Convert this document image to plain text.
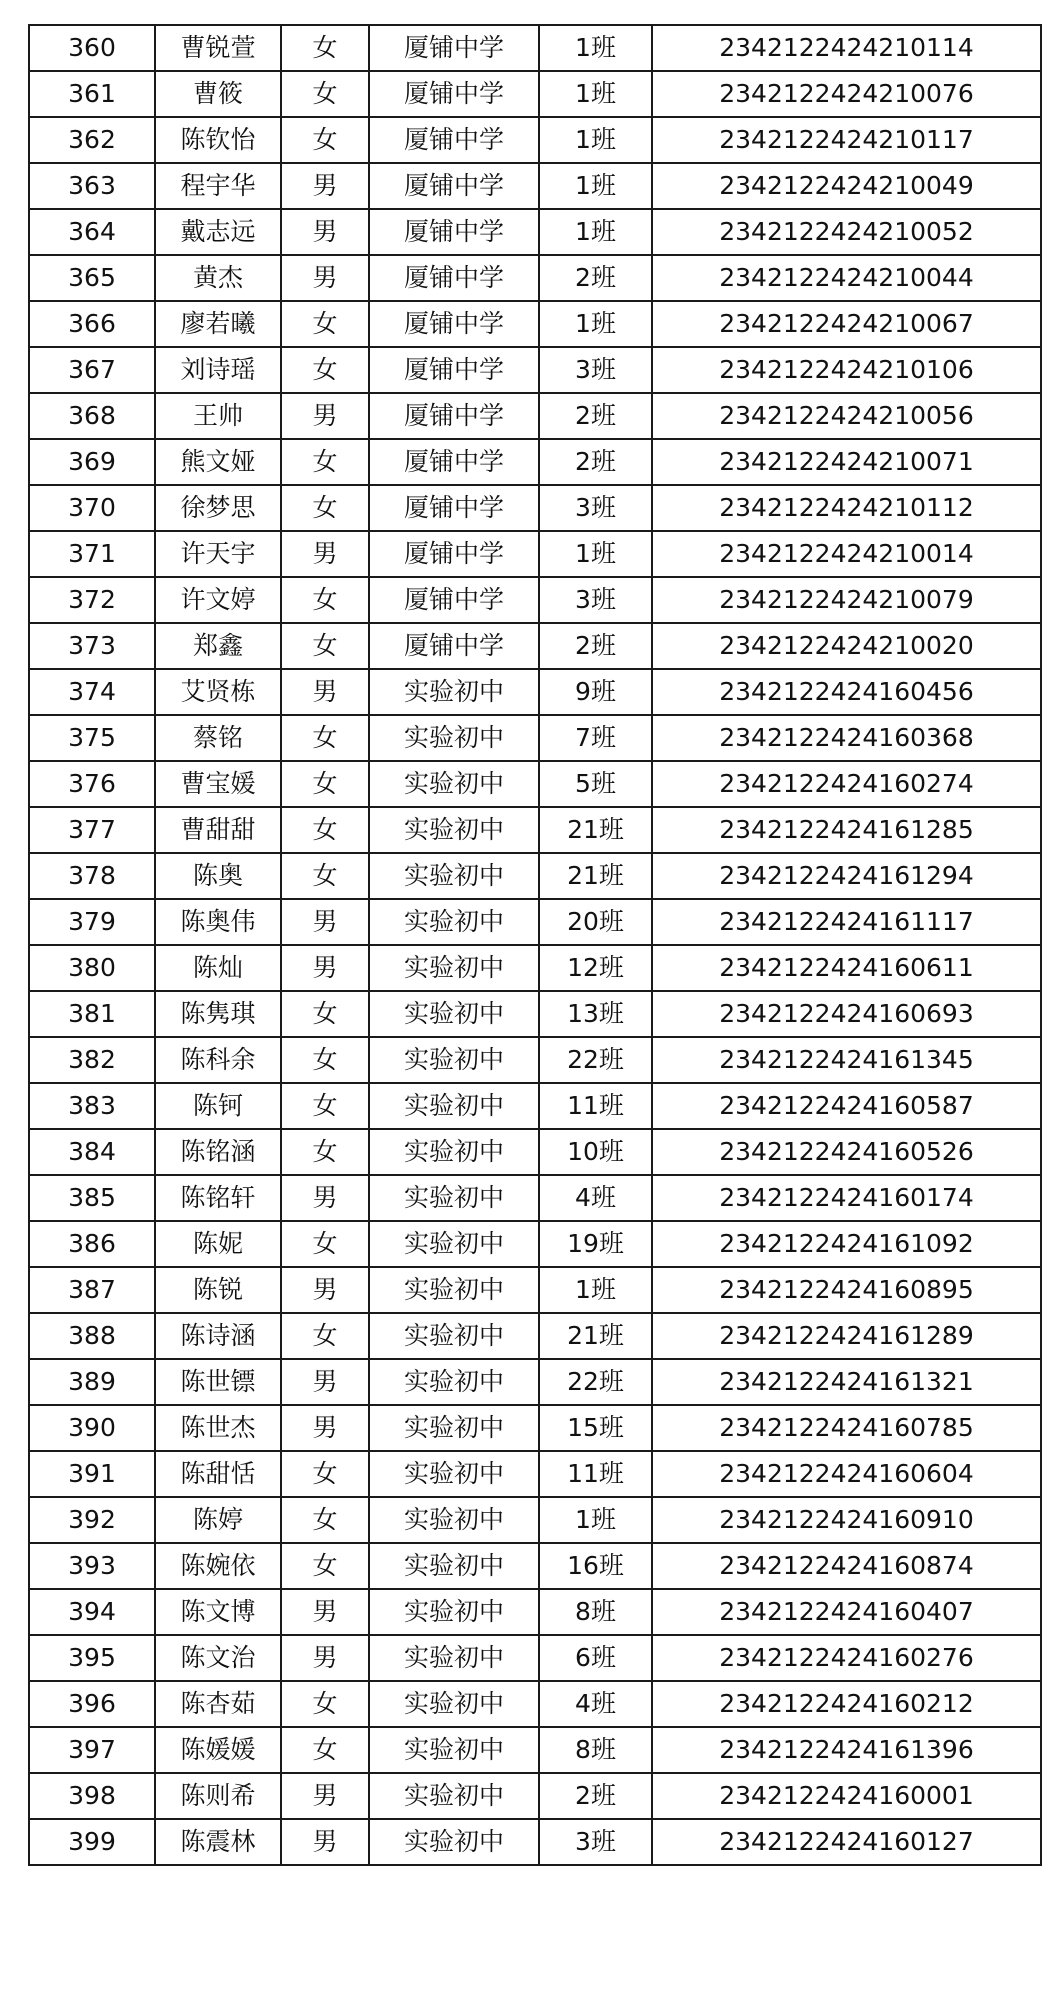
360	曹锐萱	女	厦铺中学	1班	2342122424210114
361	曹筱	女	厦铺中学	1班	2342122424210076
362	陈钦怡	女	厦铺中学	1班	2342122424210117
363	程宇华	男	厦铺中学	1班	2342122424210049
364	戴志远	男	厦铺中学	1班	2342122424210052
365	黄杰	男	厦铺中学	2班	2342122424210044
366	廖若曦	女	厦铺中学	1班	2342122424210067
367	刘诗瑶	女	厦铺中学	3班	2342122424210106
368	王帅	男	厦铺中学	2班	2342122424210056
369	熊文娅	女	厦铺中学	2班	2342122424210071
370	徐梦思	女	厦铺中学	3班	2342122424210112
371	许天宇	男	厦铺中学	1班	2342122424210014
372	许文婷	女	厦铺中学	3班	2342122424210079
373	郑鑫	女	厦铺中学	2班	2342122424210020
374	艾贤栋	男	实验初中	9班	2342122424160456
375	蔡铭	女	实验初中	7班	2342122424160368
376	曹宝媛	女	实验初中	5班	2342122424160274
377	曹甜甜	女	实验初中	21班	2342122424161285
378	陈奥	女	实验初中	21班	2342122424161294
379	陈奥伟	男	实验初中	20班	2342122424161117
380	陈灿	男	实验初中	12班	2342122424160611
381	陈隽琪	女	实验初中	13班	2342122424160693
382	陈科余	女	实验初中	22班	2342122424161345
383	陈钶	女	实验初中	11班	2342122424160587
384	陈铭涵	女	实验初中	10班	2342122424160526
385	陈铭轩	男	实验初中	4班	2342122424160174
386	陈妮	女	实验初中	19班	2342122424161092
387	陈锐	男	实验初中	1班	2342122424160895
388	陈诗涵	女	实验初中	21班	2342122424161289
389	陈世镖	男	实验初中	22班	2342122424161321
390	陈世杰	男	实验初中	15班	2342122424160785
391	陈甜恬	女	实验初中	11班	2342122424160604
392	陈婷	女	实验初中	1班	2342122424160910
393	陈婉依	女	实验初中	16班	2342122424160874
394	陈文博	男	实验初中	8班	2342122424160407
395	陈文治	男	实验初中	6班	2342122424160276
396	陈杏茹	女	实验初中	4班	2342122424160212
397	陈媛媛	女	实验初中	8班	2342122424161396
398	陈则希	男	实验初中	2班	2342122424160001
399	陈震林	男	实验初中	3班	2342122424160127
